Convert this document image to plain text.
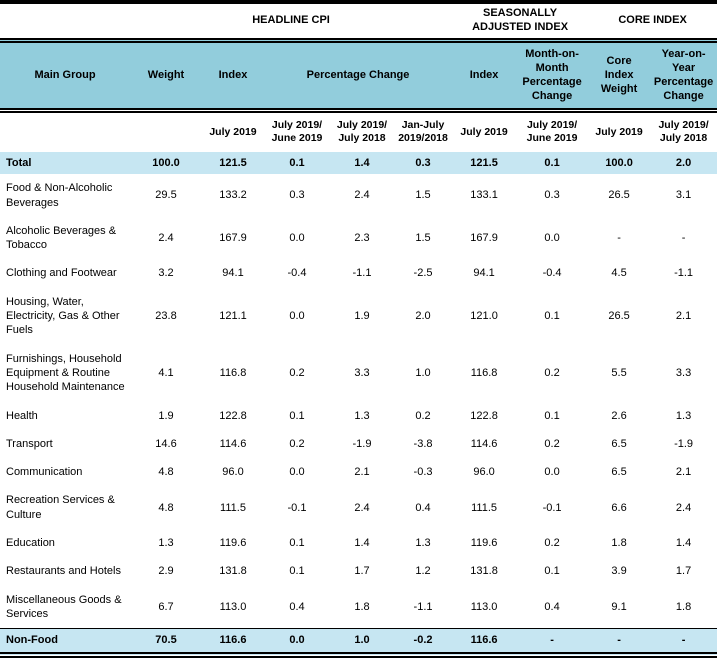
	HEADLINE CPI					SEASONALLY ADJUSTED INDEX		CORE INDEX	
Main Group	Weight	Index	Percentage Change			Index	Month-on-Month Percentage Change	Core Index Weight	Year-on-Year Percentage Change
		July 2019	July 2019/ June 2019	July 2019/ July 2018	Jan-July 2019/2018	July 2019	July 2019/ June 2019	July 2019	July 2019/ July 2018
Total	100.0	121.5	0.1	1.4	0.3	121.5	0.1	100.0	2.0
Food & Non-Alcoholic Beverages	29.5	133.2	0.3	2.4	1.5	133.1	0.3	26.5	3.1
Alcoholic Beverages & Tobacco	2.4	167.9	0.0	2.3	1.5	167.9	0.0	-	-
Clothing and Footwear	3.2	94.1	-0.4	-1.1	-2.5	94.1	-0.4	4.5	-1.1
Housing, Water, Electricity, Gas & Other Fuels	23.8	121.1	0.0	1.9	2.0	121.0	0.1	26.5	2.1
Furnishings, Household Equipment & Routine Household Maintenance	4.1	116.8	0.2	3.3	1.0	116.8	0.2	5.5	3.3
Health	1.9	122.8	0.1	1.3	0.2	122.8	0.1	2.6	1.3
Transport	14.6	114.6	0.2	-1.9	-3.8	114.6	0.2	6.5	-1.9
Communication	4.8	96.0	0.0	2.1	-0.3	96.0	0.0	6.5	2.1
Recreation Services & Culture	4.8	111.5	-0.1	2.4	0.4	111.5	-0.1	6.6	2.4
Education	1.3	119.6	0.1	1.4	1.3	119.6	0.2	1.8	1.4
Restaurants and Hotels	2.9	131.8	0.1	1.7	1.2	131.8	0.1	3.9	1.7
Miscellaneous Goods & Services	6.7	113.0	0.4	1.8	-1.1	113.0	0.4	9.1	1.8
Non-Food	70.5	116.6	0.0	1.0	-0.2	116.6	-	-	-
